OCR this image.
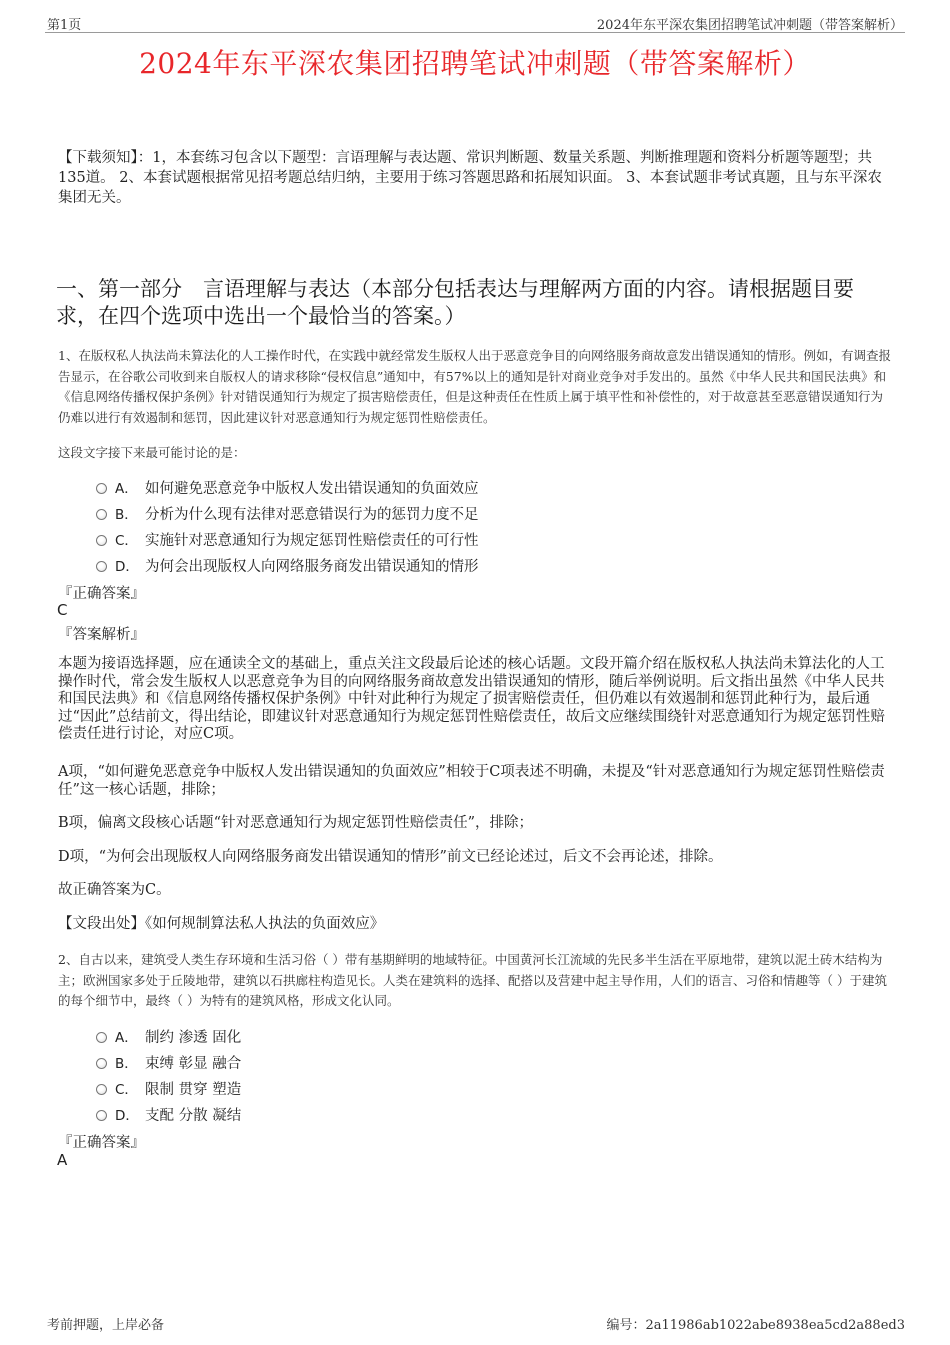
第1页	2024年东平深农集团招聘笔试冲刺题（带答案解析）
2024年东平深农集团招聘笔试冲刺题（带答案解析）
【下载须知】：1，本套练习包含以下题型：言语理解与表达题、常识判断题、数量关系题、判断推理题和资料分析题等题型；共135道。 2、本套试题根据常见招考题总结归纳，主要用于练习答题思路和拓展知识面。 3、本套试题非考试真题，且与东平深农集团无关。
一、第一部分　言语理解与表达（本部分包括表达与理解两方面的内容。请根据题目要求，在四个选项中选出一个最恰当的答案。）
1、在版权私人执法尚未算法化的人工操作时代，在实践中就经常发生版权人出于恶意竞争目的向网络服务商故意发出错误通知的情形。例如，有调查报告显示，在谷歌公司收到来自版权人的请求移除“侵权信息”通知中，有57%以上的通知是针对商业竞争对手发出的。虽然《中华人民共和国民法典》和《信息网络传播权保护条例》针对错误通知行为规定了损害赔偿责任，但是这种责任在性质上属于填平性和补偿性的，对于故意甚至恶意错误通知行为仍难以进行有效遏制和惩罚，因此建议针对恶意通知行为规定惩罚性赔偿责任。
这段文字接下来最可能讨论的是：
A． 如何避免恶意竞争中版权人发出错误通知的负面效应
B． 分析为什么现有法律对恶意错误行为的惩罚力度不足
C． 实施针对恶意通知行为规定惩罚性赔偿责任的可行性
D． 为何会出现版权人向网络服务商发出错误通知的情形
『正确答案』
C
『答案解析』
本题为接语选择题，应在通读全文的基础上，重点关注文段最后论述的核心话题。文段开篇介绍在版权私人执法尚未算法化的人工操作时代，常会发生版权人以恶意竞争为目的向网络服务商故意发出错误通知的情形，随后举例说明。后文指出虽然《中华人民共和国民法典》和《信息网络传播权保护条例》中针对此种行为规定了损害赔偿责任，但仍难以有效遏制和惩罚此种行为，最后通过“因此”总结前文，得出结论，即建议针对恶意通知行为规定惩罚性赔偿责任，故后文应继续围绕针对恶意通知行为规定惩罚性赔偿责任进行讨论，对应C项。
A项，“如何避免恶意竞争中版权人发出错误通知的负面效应”相较于C项表述不明确，未提及“针对恶意通知行为规定惩罚性赔偿责任”这一核心话题，排除；
B项，偏离文段核心话题“针对恶意通知行为规定惩罚性赔偿责任”，排除；
D项，“为何会出现版权人向网络服务商发出错误通知的情形”前文已经论述过，后文不会再论述，排除。
故正确答案为C。
【文段出处】《如何规制算法私人执法的负面效应》
2、自古以来，建筑受人类生存环境和生活习俗（ ）带有基期鲜明的地域特征。中国黄河长江流域的先民多半生活在平原地带，建筑以泥土砖木结构为主；欧洲国家多处于丘陵地带，建筑以石拱廊柱构造见长。人类在建筑料的选择、配搭以及营建中起主导作用，人们的语言、习俗和情趣等（ ）于建筑的每个细节中，最终（ ）为特有的建筑风格，形成文化认同。
A． 制约 渗透 固化
B． 束缚 彰显 融合
C． 限制 贯穿 塑造
D． 支配 分散 凝结
『正确答案』
A
考前押题，上岸必备	编号：2a11986ab1022abe8938ea5cd2a88ed3
